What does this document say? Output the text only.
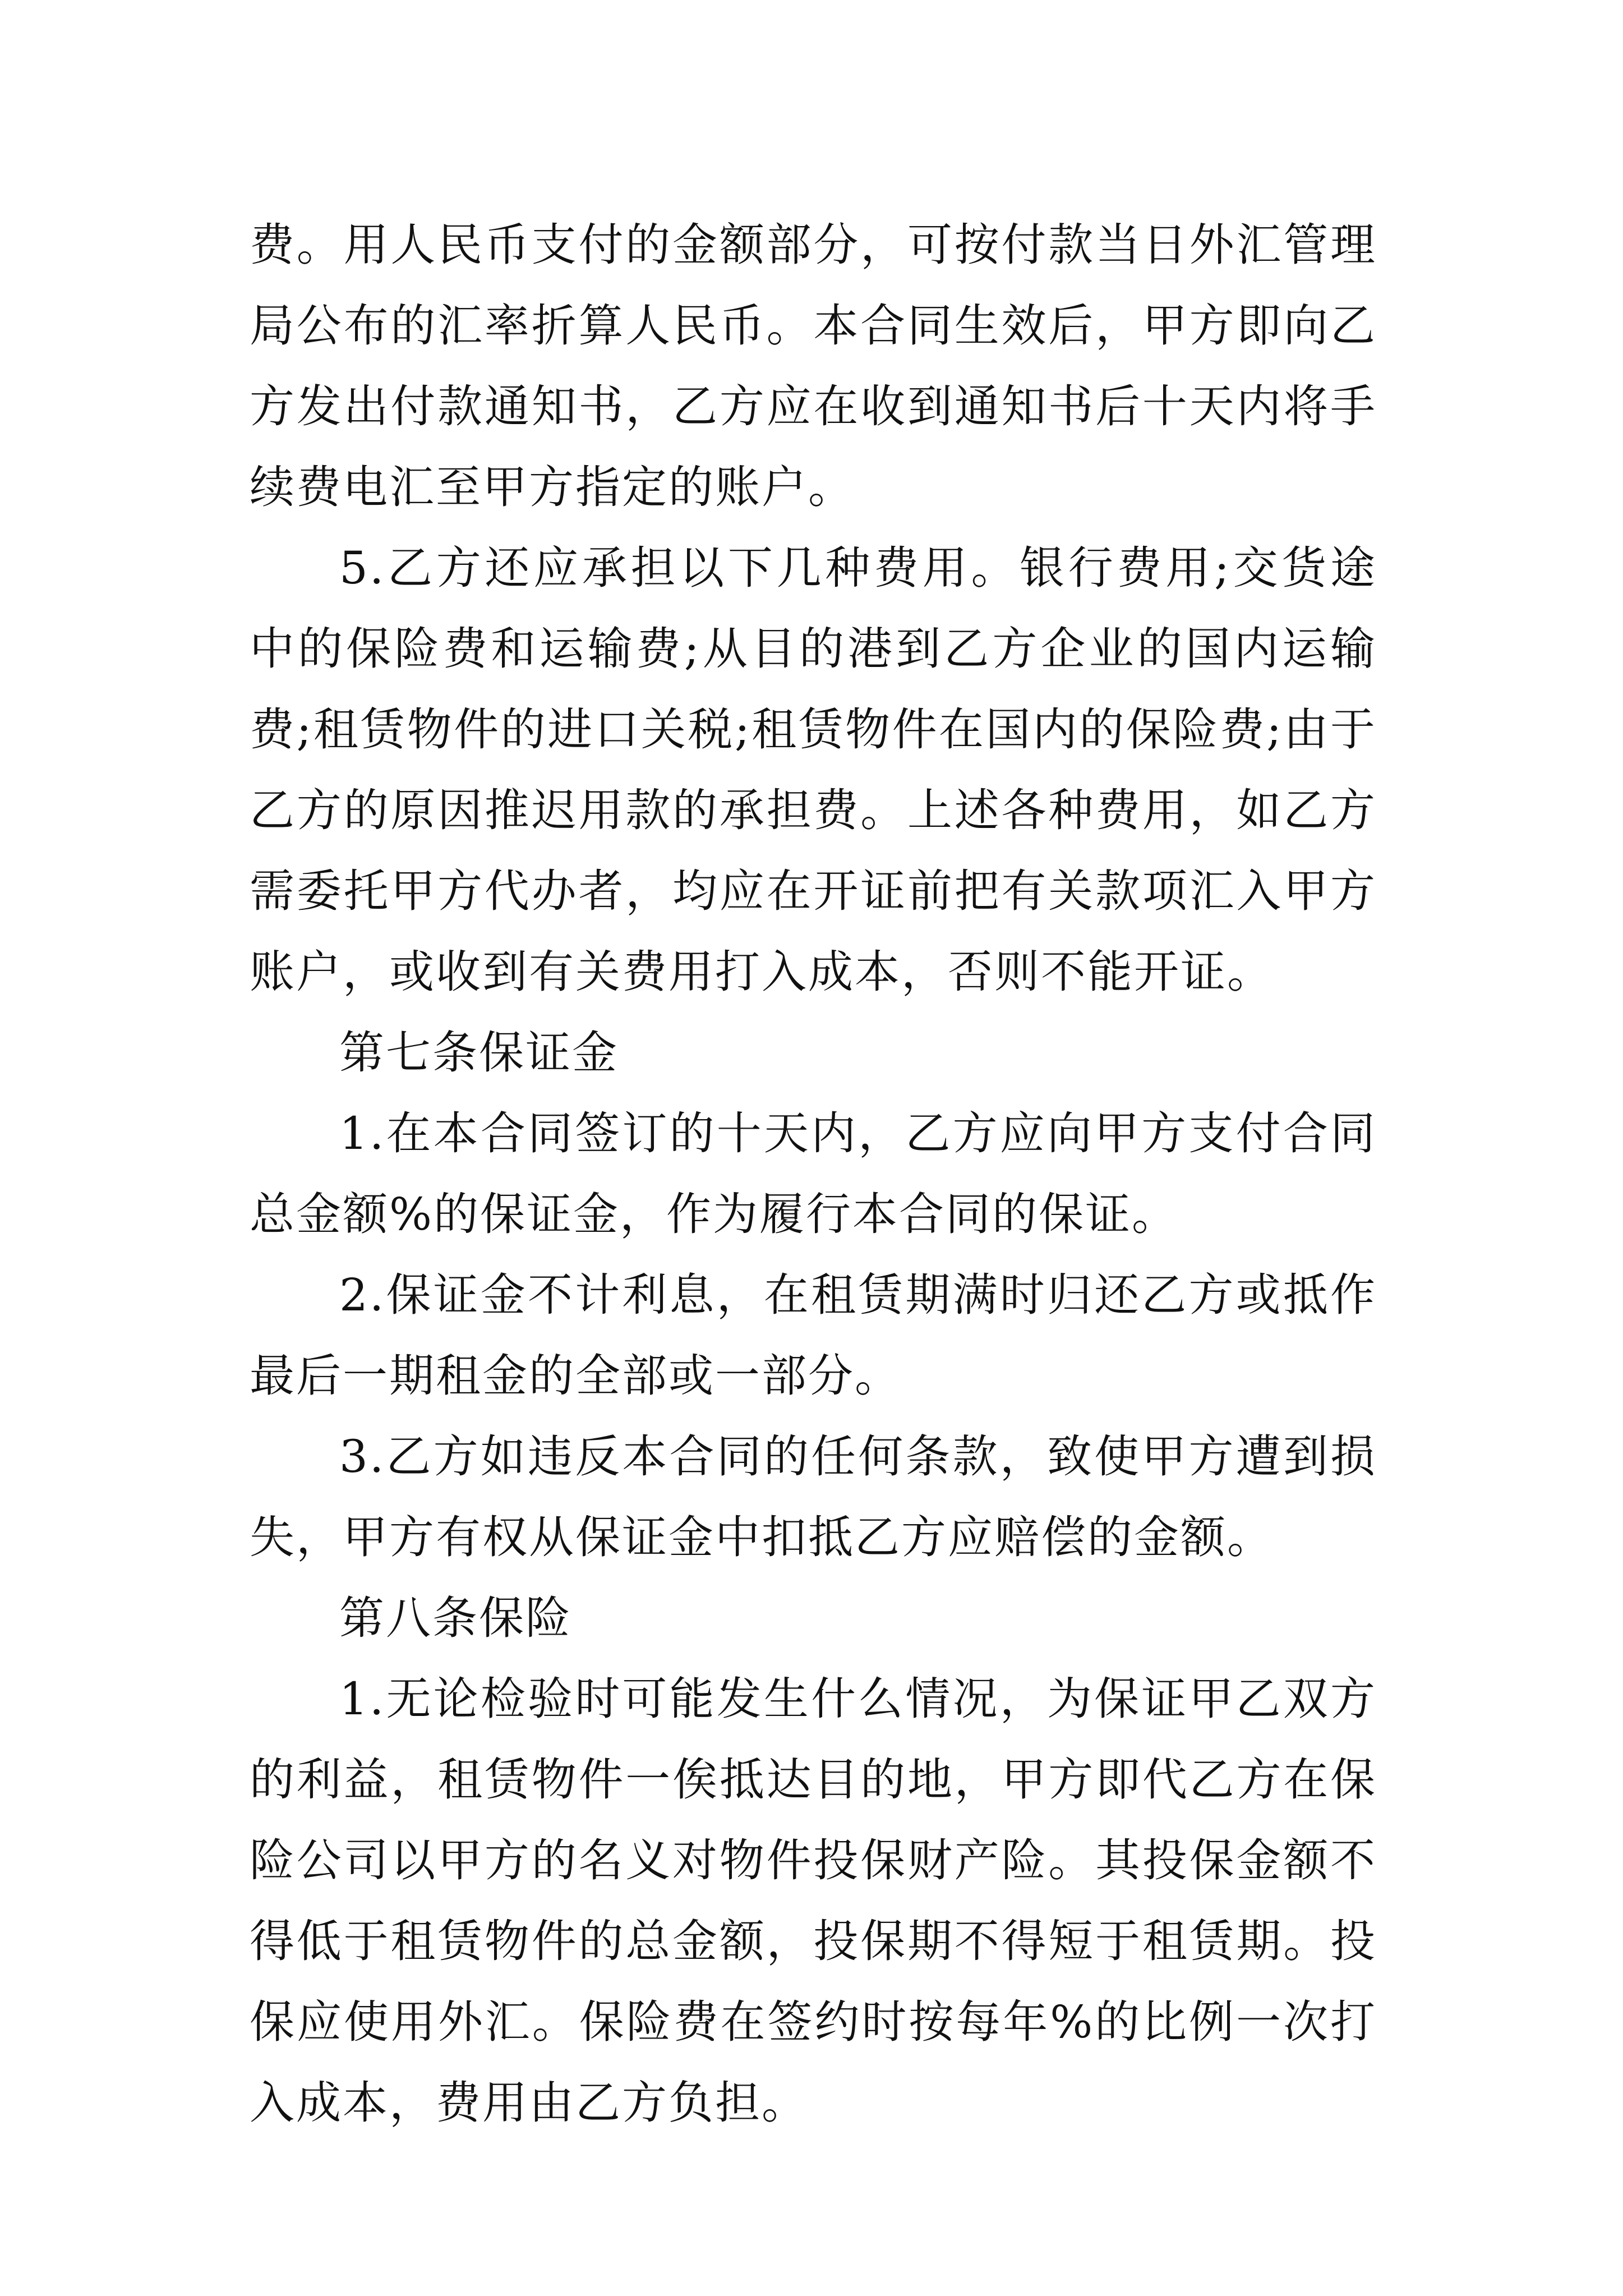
费。用人民币支付的金额部分，可按付款当日外汇管理局公布的汇率折算人民币。本合同生效后，甲方即向乙方发出付款通知书，乙方应在收到通知书后十天内将手续费电汇至甲方指定的账户。

5.乙方还应承担以下几种费用。银行费用;交货途中的保险费和运输费;从目的港到乙方企业的国内运输费;租赁物件的进口关税;租赁物件在国内的保险费;由于乙方的原因推迟用款的承担费。上述各种费用，如乙方需委托甲方代办者，均应在开证前把有关款项汇入甲方账户，或收到有关费用打入成本，否则不能开证。

第七条保证金

1.在本合同签订的十天内，乙方应向甲方支付合同总金额%的保证金，作为履行本合同的保证。

2.保证金不计利息，在租赁期满时归还乙方或抵作最后一期租金的全部或一部分。

3.乙方如违反本合同的任何条款，致使甲方遭到损失，甲方有权从保证金中扣抵乙方应赔偿的金额。

第八条保险

1.无论检验时可能发生什么情况，为保证甲乙双方的利益，租赁物件一俟抵达目的地，甲方即代乙方在保险公司以甲方的名义对物件投保财产险。其投保金额不得低于租赁物件的总金额，投保期不得短于租赁期。投保应使用外汇。保险费在签约时按每年%的比例一次打入成本，费用由乙方负担。
